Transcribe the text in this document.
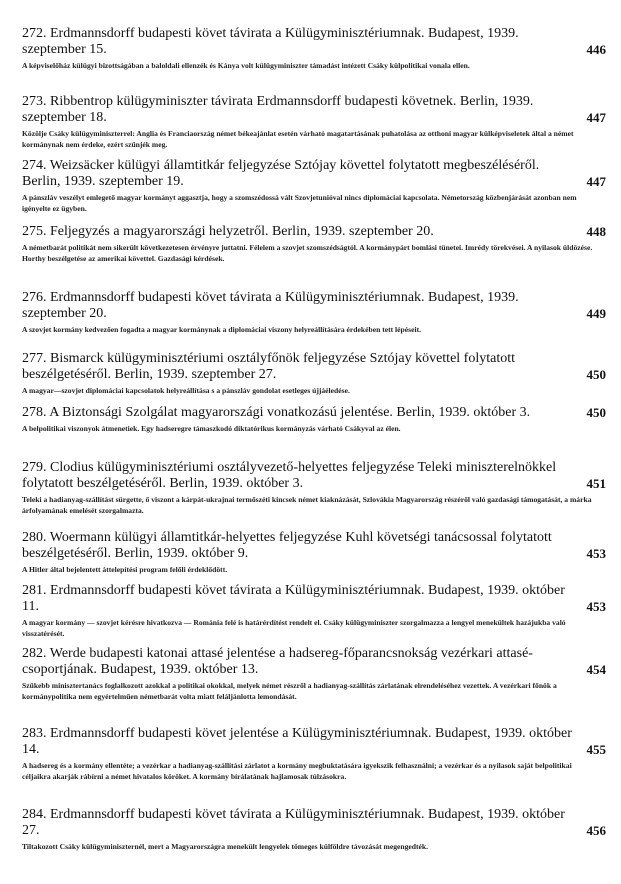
446

272. Erdmannsdorff budapesti követ távirata a Külügyminisztériumnak. Budapest, 1939. szeptember 15.

A képviselőház külügyi bizottságában a baloldali ellenzék és Kánya volt külügyminiszter támadást intézett Csáky külpolitikai vonala ellen.
447

273. Ribbentrop külügyminiszter távirata Erdmannsdorff budapesti követnek. Berlin, 1939. szeptember 18.

Közölje Csáky külügyminiszterrel: Anglia és Franciaország német békeajánlat esetén várható magatartásának puhatolása az otthoni magyar külképviseletek által a német kormánynak nem érdeke, ezért szűnjék meg.
447

274. Weizsäcker külügyi államtitkár feljegyzése Sztójay követtel folytatott megbeszéléséről. Berlin, 1939. szeptember 19.

A pánszláv veszélyt emlegető magyar kormányt aggasztja, hogy a szomszédossá vált Szovjetunióval nincs diplomáciai kapcsolata. Németország közbenjárását azonban nem igényelte ez ügyben.
448

275. Feljegyzés a magyarországi helyzetről. Berlin, 1939. szeptember 20.

A németbarát politikát nem sikerült következetesen érvényre juttatni. Félelem a szovjet szomszédságtól. A kormánypárt bomlási tünetei. Imrédy törekvései. A nyilasok üldözése. Horthy beszélgetése az amerikai követtel. Gazdasági kérdések.
449

276. Erdmannsdorff budapesti követ távirata a Külügyminisztériumnak. Budapest, 1939. szeptember 20.

A szovjet kormány kedvezően fogadta a magyar kormánynak a diplomáciai viszony helyreállítására érdekében tett lépéseit.
450

277. Bismarck külügyminisztériumi osztályfőnök feljegyzése Sztójay követtel folytatott beszélgetéséről. Berlin, 1939. szeptember 27.

A magyar—szovjet diplomáciai kapcsolatok helyreállítása s a pánszláv gondolat esetleges újjáéledése.
450

278. A Biztonsági Szolgálat magyarországi vonatkozású jelentése. Berlin, 1939. október 3.

A belpolitikai viszonyok átmenetiek. Egy hadseregre támaszkodó diktatórikus kormányzás várható Csákyval az élen.
451

279. Clodius külügyminisztériumi osztályvezető-helyettes feljegyzése Teleki miniszterelnökkel folytatott beszélgetéséről. Berlin, 1939. október 3.

Teleki a hadianyag-szállítást sürgette, ő viszont a kárpát-ukrajnai termőszéti kincsek német kiaknázását, Szlovákia Magyarország részéről való gazdasági támogatását, a márka árfolyamának emelését szorgalmazta.
453

280. Woermann külügyi államtitkár-helyettes feljegyzése Kuhl követségi tanácsossal folytatott beszélgetéséről. Berlin, 1939. október 9.

A Hitler által bejelentett áttelepítési program felőli érdeklődött.
453

281. Erdmannsdorff budapesti követ távirata a Külügyminisztériumnak. Budapest, 1939. október 11.

A magyar kormány — szovjet kérésre hivatkozva — Románia felé is határérdítést rendelt el. Csáky külügyminiszter szorgalmazza a lengyel menekültek hazájukba való visszatérését.
454

282. Werde budapesti katonai attasé jelentése a hadsereg-főparancsnokság vezérkari attasé-csoportjának. Budapest, 1939. október 13.

Szűkebb minisztertanács foglalkozott azokkal a politikai okokkal, melyek német részről a hadianyag-szállítás zárlatának elrendeléséhez vezettek. A vezérkari főnök a kormánypolitika nem egyértelműen németbarát volta miatt feláljánlotta lemondását.
455

283. Erdmannsdorff budapesti követ jelentése a Külügyminisztériumnak. Budapest, 1939. október 14.

A hadsereg és a kormány ellentéte; a vezérkar a hadianyag-szállítási zárlatot a kormány megbuktatására igyekszik felhasználni; a vezérkar és a nyilasok saját belpolitikai céljaikra akarják rábírni a német hivatalos köröket. A kormány bírálatának hajlamosak túlzásokra.
456

284. Erdmannsdorff budapesti követ távirata a Külügyminisztériumnak. Budapest, 1939. október 27.

Tiltakozott Csáky külügyminiszternél, mert a Magyarországra menekült lengyelek tömeges külföldre távozását megengedték.
